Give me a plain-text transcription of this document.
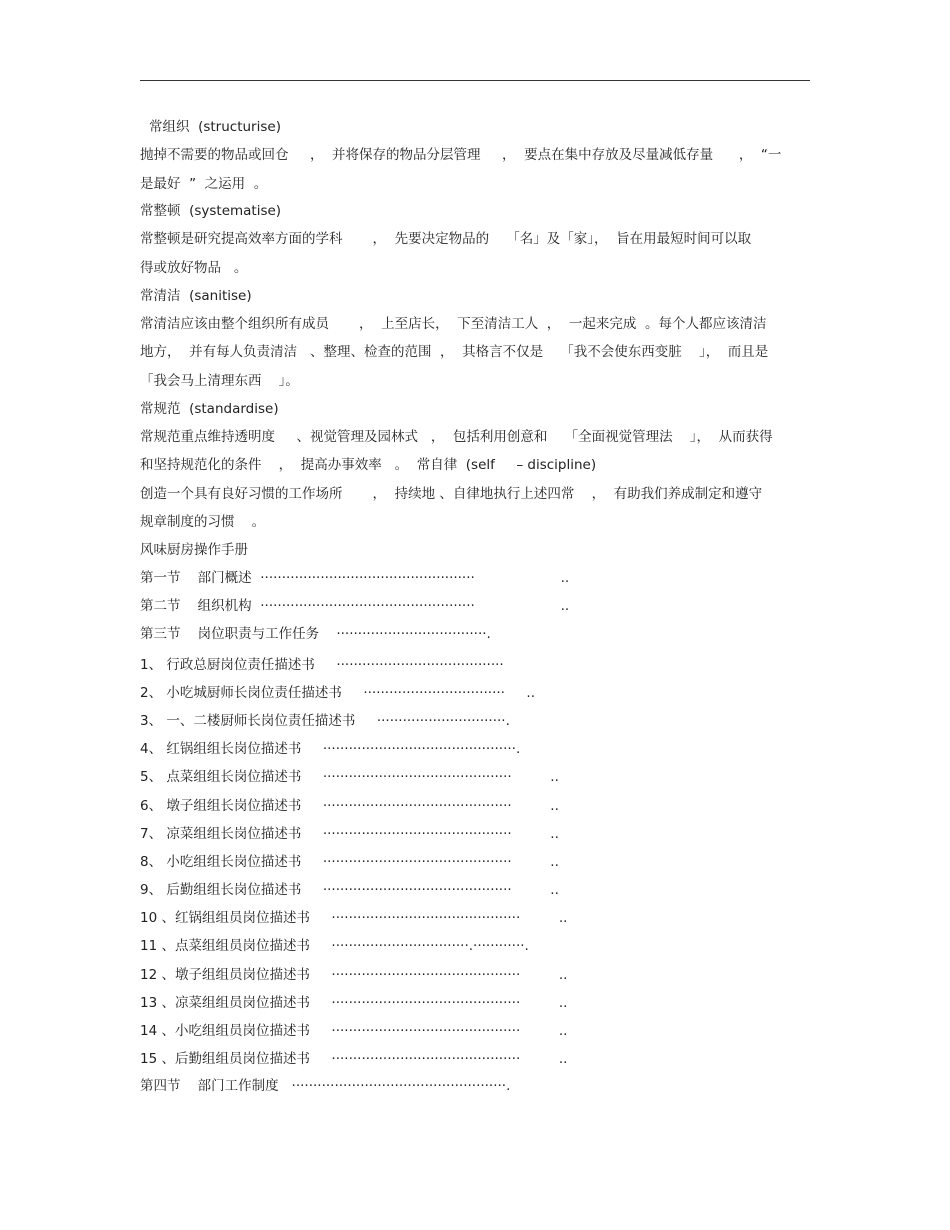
常组织  (structurise)
抛掉不需要的物品或回仓     ，  并将保存的物品分层管理     ，  要点在集中存放及尽量减低存量      ，  “一
是最好  ”  之运用  。
常整顿  (systematise)
常整顿是研究提高效率方面的学科       ，  先要决定物品的    「名」及「家」，  旨在用最短时间可以取
得或放好物品   。
常清洁  (sanitise)
常清洁应该由整个组织所有成员       ，  上至店长，  下至清洁工人  ，  一起来完成  。每个人都应该清洁
地方，  并有每人负责清洁   、整理、检查的范围  ，  其格言不仅是    「我不会使东西变脏    」，  而且是
「我会马上清理东西    」。
常规范  (standardise)
常规范重点维持透明度     、视觉管理及园林式   ，  包括利用创意和    「全面视觉管理法    」，  从而获得
和坚持规范化的条件    ，  提高办事效率   。  常自律  (self     – discipline)
创造一个具有良好习惯的工作场所       ，  持续地 、自律地执行上述四常    ，  有助我们养成制定和遵守
规章制度的习惯    。
风味厨房操作手册
第一节    部门概述  ··················································                    ..
第二节    组织机构  ··················································                    ..
第三节    岗位职责与工作任务    ···································.
1、 行政总厨岗位责任描述书     ·······································
2、 小吃城厨师长岗位责任描述书     ·································     ..
3、 一、二楼厨师长岗位责任描述书     ······························.
4、 红锅组组长岗位描述书     ·············································.
5、 点菜组组长岗位描述书     ············································         ..
6、 墩子组组长岗位描述书     ············································         ..
7、 凉菜组组长岗位描述书     ············································         ..
8、 小吃组组长岗位描述书     ············································         ..
9、 后勤组组长岗位描述书     ············································         ..
10 、红锅组组员岗位描述书     ············································         ..
11 、点菜组组员岗位描述书     ································.············.
12 、墩子组组员岗位描述书     ············································         ..
13 、凉菜组组员岗位描述书     ············································         ..
14 、小吃组组员岗位描述书     ············································         ..
15 、后勤组组员岗位描述书     ············································         ..
第四节    部门工作制度   ··················································.
